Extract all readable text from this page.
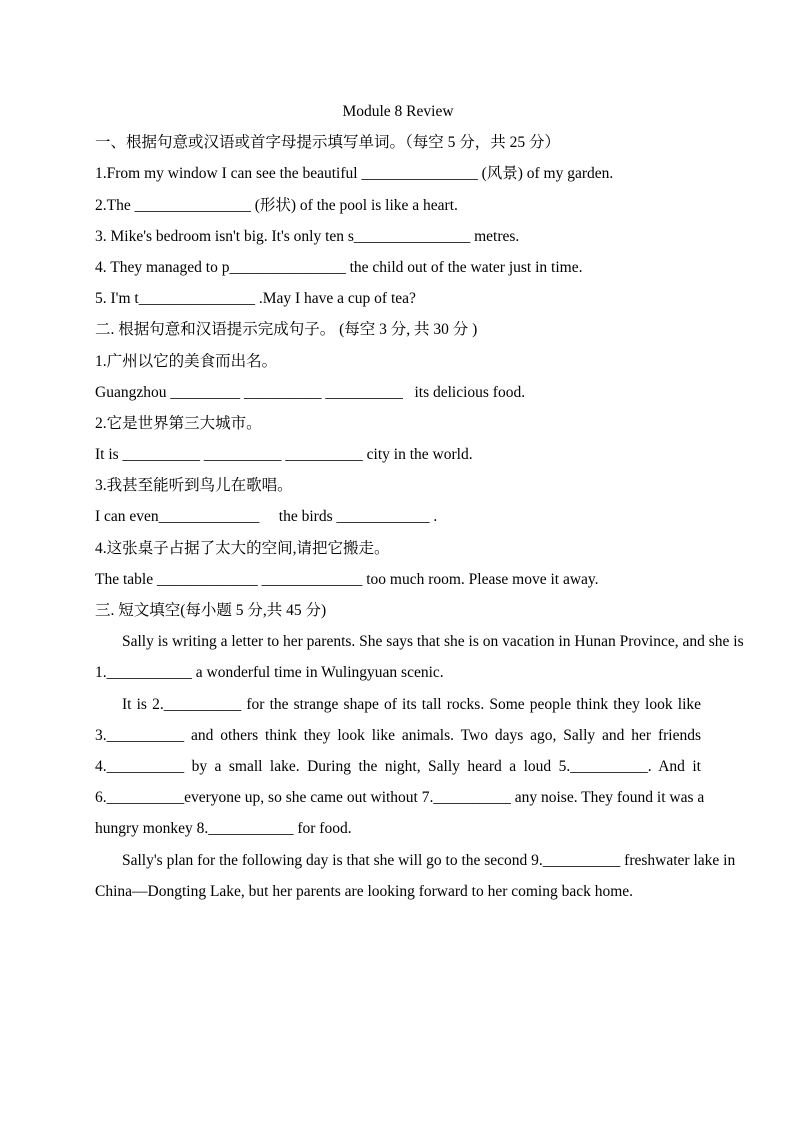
Module 8 Review
一、根据句意或汉语或首字母提示填写单词。（每空 5 分，共 25 分）
1.From my window I can see the beautiful _______________ (风景) of my garden.
2.The _______________ (形状) of the pool is like a heart.
3. Mike's bedroom isn't big. It's only ten s_______________ metres.
4. They managed to p_______________ the child out of the water just in time.
5. I'm t_______________ .May I have a cup of tea?
二. 根据句意和汉语提示完成句子。 (每空 3 分, 共 30 分 )
1.广州以它的美食而出名。
Guangzhou _________ __________ __________   its delicious food.
2.它是世界第三大城市。
It is __________ __________ __________ city in the world.
3.我甚至能听到鸟儿在歌唱。
I can even_____________     the birds ____________ .
4.这张桌子占据了太大的空间,请把它搬走。
The table _____________ _____________ too much room. Please move it away.
三. 短文填空(每小题 5 分,共 45 分)
Sally is writing a letter to her parents. She says that she is on vacation in Hunan Province, and she is
1.___________ a wonderful time in Wulingyuan scenic.
It is 2.__________ for the strange shape of its tall rocks. Some people think they look like
3.__________ and others think they look like animals. Two days ago, Sally and her friends
4.__________ by a small lake. During the night, Sally heard a loud 5.__________. And it
6.__________everyone up, so she came out without 7.__________ any noise. They found it was a
hungry monkey 8.___________ for food.
Sally's plan for the following day is that she will go to the second 9.__________ freshwater lake in
China—Dongting Lake, but her parents are looking forward to her coming back home.
